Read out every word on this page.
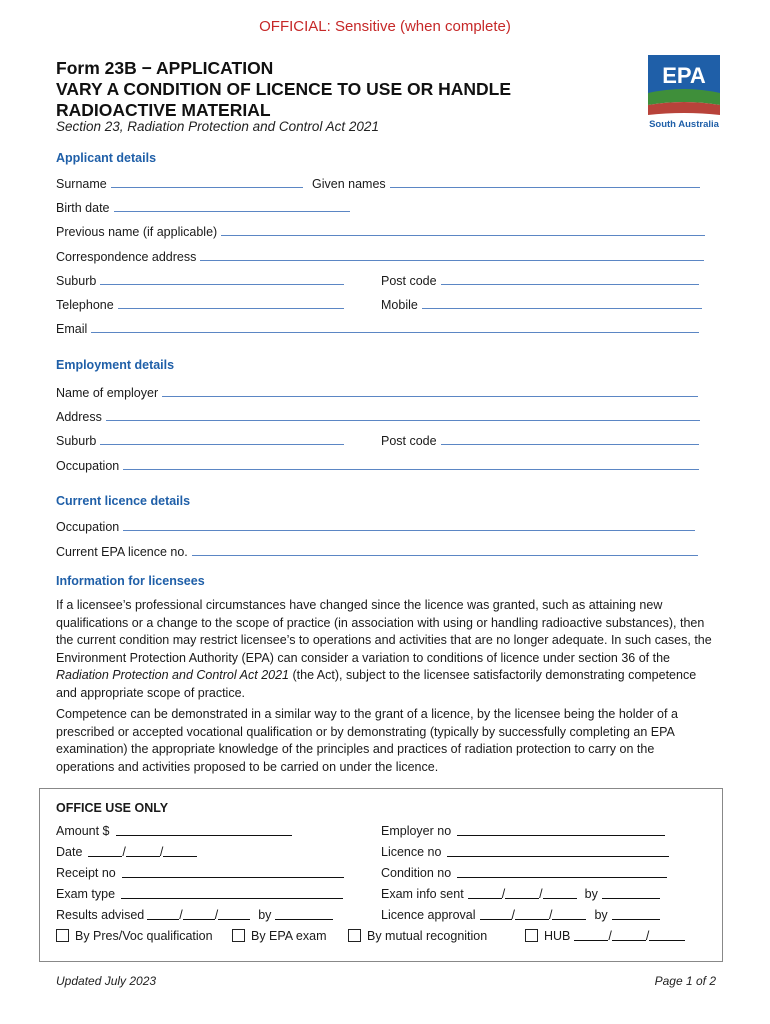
OFFICIAL: Sensitive (when complete)
Form 23B − APPLICATION
VARY A CONDITION OF LICENCE TO USE OR HANDLE
RADIOACTIVE MATERIAL
Section 23, Radiation Protection and Control Act 2021
EPA
South Australia
Applicant details
Surname	Given names
Birth date
Previous name (if applicable)
Correspondence address
Suburb	Post code
Telephone	Mobile
Email
Employment details
Name of employer
Address
Suburb	Post code
Occupation
Current licence details
Occupation
Current EPA licence no.
Information for licensees
If a licensee’s professional circumstances have changed since the licence was granted, such as attaining new qualifications or a change to the scope of practice (in association with using or handling radioactive substances), then the current condition may restrict licensee’s to operations and activities that are no longer adequate. In such cases, the Environment Protection Authority (EPA) can consider a variation to conditions of licence under section 36 of the Radiation Protection and Control Act 2021 (the Act), subject to the licensee satisfactorily demonstrating competence and appropriate scope of practice.
Competence can be demonstrated in a similar way to the grant of a licence, by the licensee being the holder of a prescribed or accepted vocational qualification or by demonstrating (typically by successfully completing an EPA examination) the appropriate knowledge of the principles and practices of radiation protection to carry on the operations and activities proposed to be carried on under the licence.
OFFICE USE ONLY
Amount $	Employer no
Date	/	/	Licence no
Receipt no	Condition no
Exam type	Exam info sent	/	/	by
Results advised	/	/	by	Licence approval	/	/	by
By Pres/Voc qualification	By EPA exam	By mutual recognition	HUB	/	/
Updated July 2023	Page 1 of 2
